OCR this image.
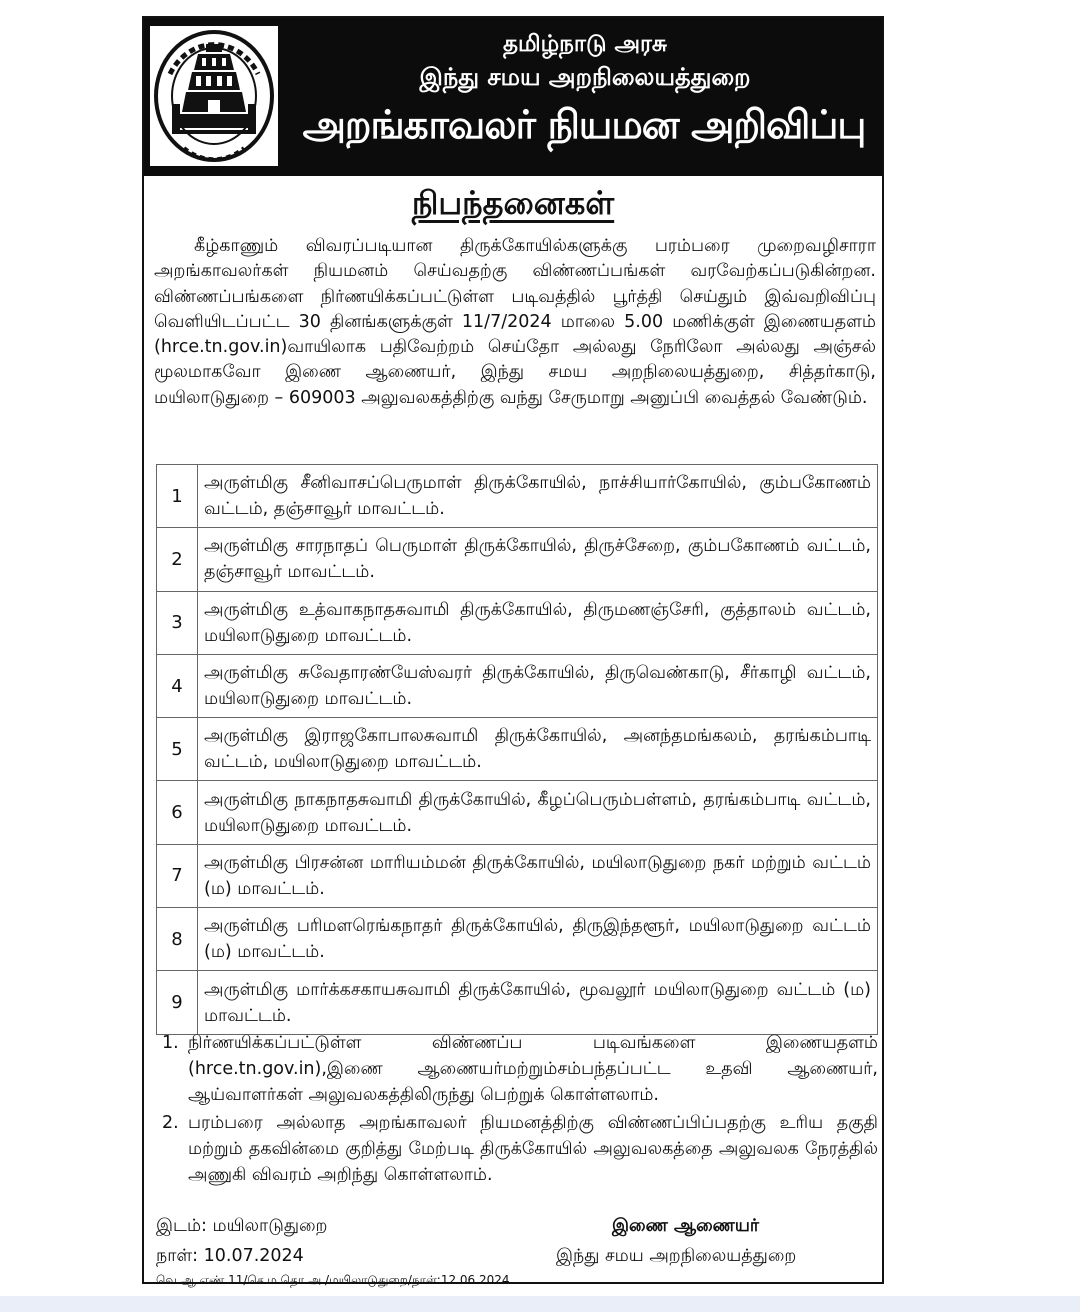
தமிழ்நாடு அரசு
இந்து சமய அறநிலையத்துறை
அறங்காவலர் நியமன அறிவிப்பு
நிபந்தனைகள்
கீழ்காணும் விவரப்படியான திருக்கோயில்களுக்கு பரம்பரை முறைவழிசாரா அறங்காவலர்கள் நியமனம் செய்வதற்கு விண்ணப்பங்கள் வரவேற்கப்படுகின்றன. விண்ணப்பங்களை நிர்ணயிக்கப்பட்டுள்ள படிவத்தில் பூர்த்தி செய்தும் இவ்வறிவிப்பு வெளியிடப்பட்ட 30 தினங்களுக்குள் 11/7/2024 மாலை 5.00 மணிக்குள் இணையதளம் (hrce.tn.gov.in)வாயிலாக பதிவேற்றம் செய்தோ அல்லது நேரிலோ அல்லது அஞ்சல் மூலமாகவோ இணை ஆணையர், இந்து சமய அறநிலையத்துறை, சித்தர்காடு, மயிலாடுதுறை – 609003 அலுவலகத்திற்கு வந்து சேருமாறு அனுப்பி வைத்தல் வேண்டும்.
1	அருள்மிகு சீனிவாசப்பெருமாள் திருக்கோயில், நாச்சியார்கோயில், கும்பகோணம் வட்டம், தஞ்சாவூர் மாவட்டம்.
2	அருள்மிகு சாரநாதப் பெருமாள் திருக்கோயில், திருச்சேறை, கும்பகோணம் வட்டம், தஞ்சாவூர் மாவட்டம்.
3	அருள்மிகு உத்வாகநாதசுவாமி திருக்கோயில், திருமணஞ்சேரி, குத்தாலம் வட்டம், மயிலாடுதுறை மாவட்டம்.
4	அருள்மிகு சுவேதாரண்யேஸ்வரர் திருக்கோயில், திருவெண்காடு, சீர்காழி வட்டம், மயிலாடுதுறை மாவட்டம்.
5	அருள்மிகு இராஜகோபாலசுவாமி திருக்கோயில், அனந்தமங்கலம், தரங்கம்பாடி வட்டம், மயிலாடுதுறை மாவட்டம்.
6	அருள்மிகு நாகநாதசுவாமி திருக்கோயில், கீழப்பெரும்பள்ளம், தரங்கம்பாடி வட்டம், மயிலாடுதுறை மாவட்டம்.
7	அருள்மிகு பிரசன்ன மாரியம்மன் திருக்கோயில், மயிலாடுதுறை நகர் மற்றும் வட்டம் (ம) மாவட்டம்.
8	அருள்மிகு பரிமளரெங்கநாதர் திருக்கோயில், திருஇந்தளூர், மயிலாடுதுறை வட்டம் (ம) மாவட்டம்.
9	அருள்மிகு மார்க்கசகாயசுவாமி திருக்கோயில், மூவலூர் மயிலாடுதுறை வட்டம் (ம) மாவட்டம்.
1. நிர்ணயிக்கப்பட்டுள்ள விண்ணப்ப படிவங்களை இணையதளம் (hrce.tn.gov.in),இணை ஆணையர்மற்றும்சம்பந்தப்பட்ட உதவி ஆணையர், ஆய்வாளர்கள் அலுவலகத்திலிருந்து பெற்றுக் கொள்ளலாம்.
2. பரம்பரை அல்லாத அறங்காவலர் நியமனத்திற்கு விண்ணப்பிப்பதற்கு உரிய தகுதி மற்றும் தகவின்மை குறித்து மேற்படி திருக்கோயில் அலுவலகத்தை அலுவலக நேரத்தில் அணுகி விவரம் அறிந்து கொள்ளலாம்.
இடம்: மயிலாடுதுறை
நாள்: 10.07.2024
இணை ஆணையர்
இந்து சமய அறநிலையத்துறை
வெ.ஆ.எண்.11/செ.ம.தொ.அ./மயிலாடுதுறை/நாள்:12.06.2024
